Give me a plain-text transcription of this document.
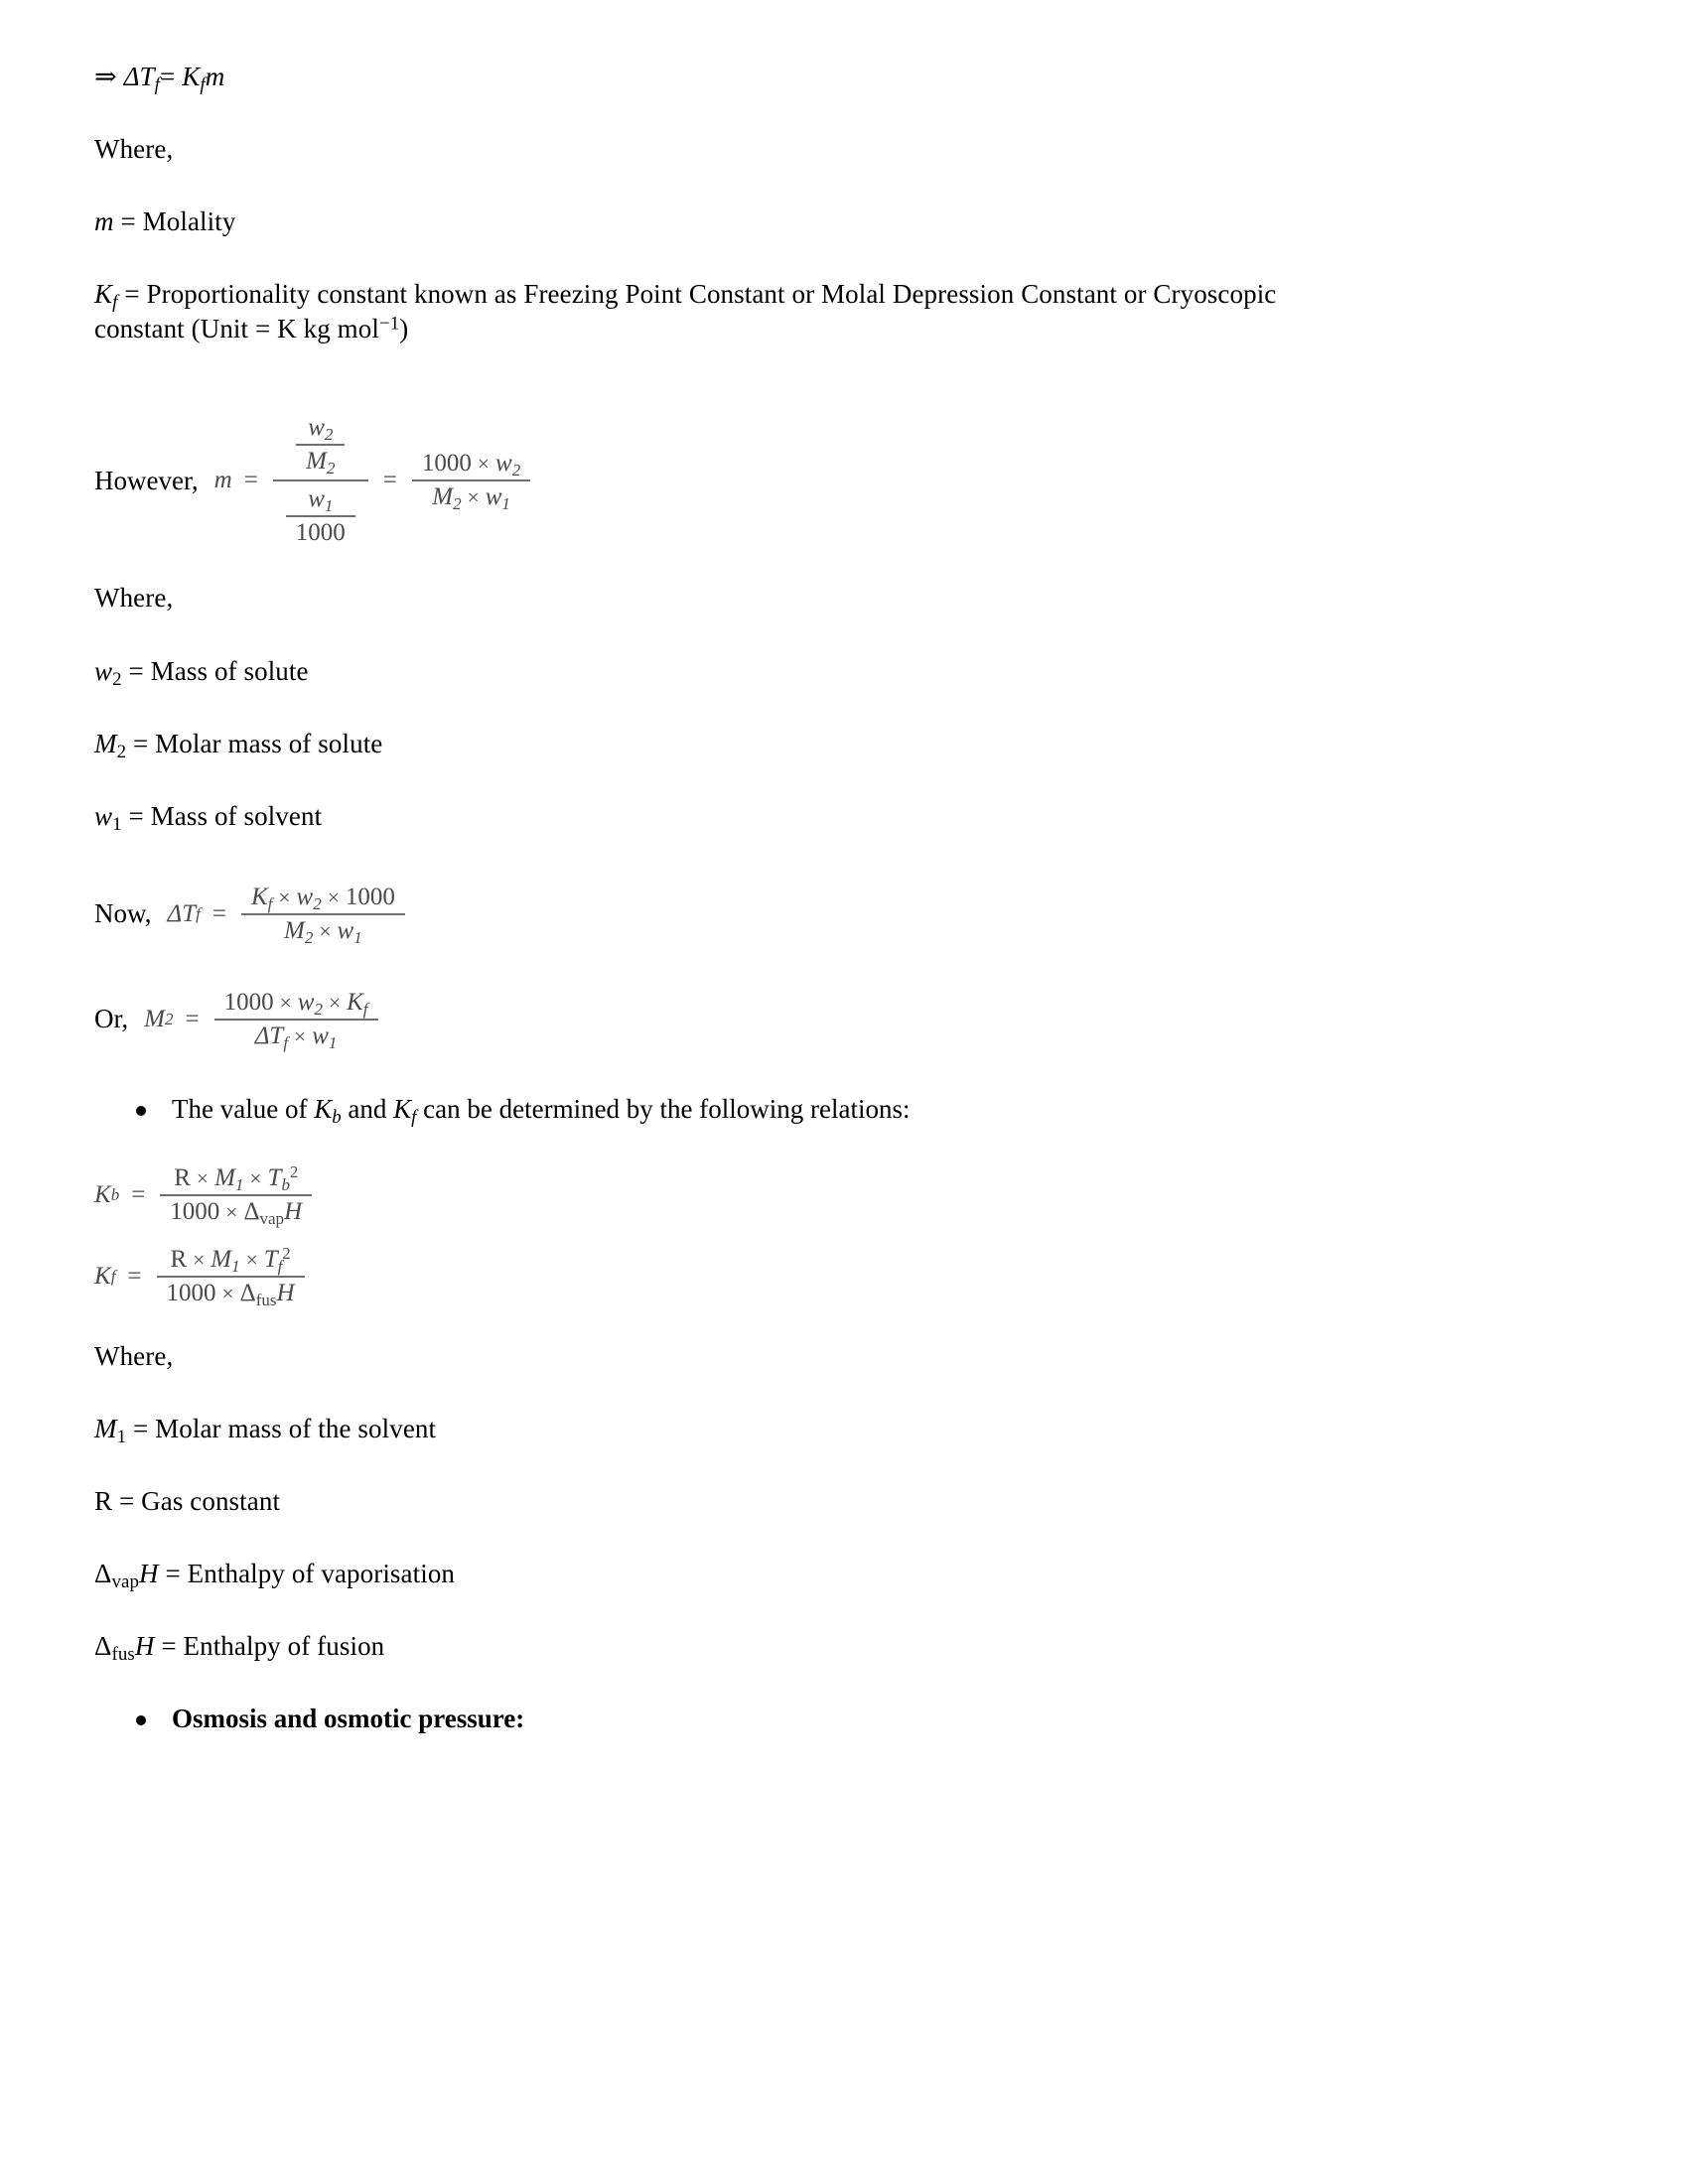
⇒ $\Delta T_f= K_fm$

Where,

m = Molality

$K_f$ = Proportionality constant known as Freezing Point Constant or Molal Depression Constant or Cryoscopic constant (Unit = K kg mol$^{-1}$)

However, $m = \frac{\frac{w_2}{M_2}}{\frac{w_1}{1000}} = \frac{1000 \times w_2}{M_2 \times w_1}$

Where,

$w_2$ = Mass of solute

$M_2$ = Molar mass of solute

$w_1$ = Mass of solvent

Now, Δ T $f = \frac{K_f \times w_2 \times 1000}{M_2 \times w_1}$
Or, M $2 = \frac{1000 \times w_2 \times K_f}{\Delta T_f \times w_1}$
The value of $K_b$ and $K_f$ can be determined by the following relations:
K $b = \frac{R \times M_1 \times T_b^2}{1000 \times \Delta_{vap}H}$
K $f = \frac{R \times M_1 \times T_f^2}{1000 \times \Delta_{fus}H}$

Where,

$M_1$ = Molar mass of the solvent

R = Gas constant

$\Delta_{vap}H$ = Enthalpy of vaporisation

$\Delta_{fus}H$ = Enthalpy of fusion

Osmosis and osmotic pressure:
